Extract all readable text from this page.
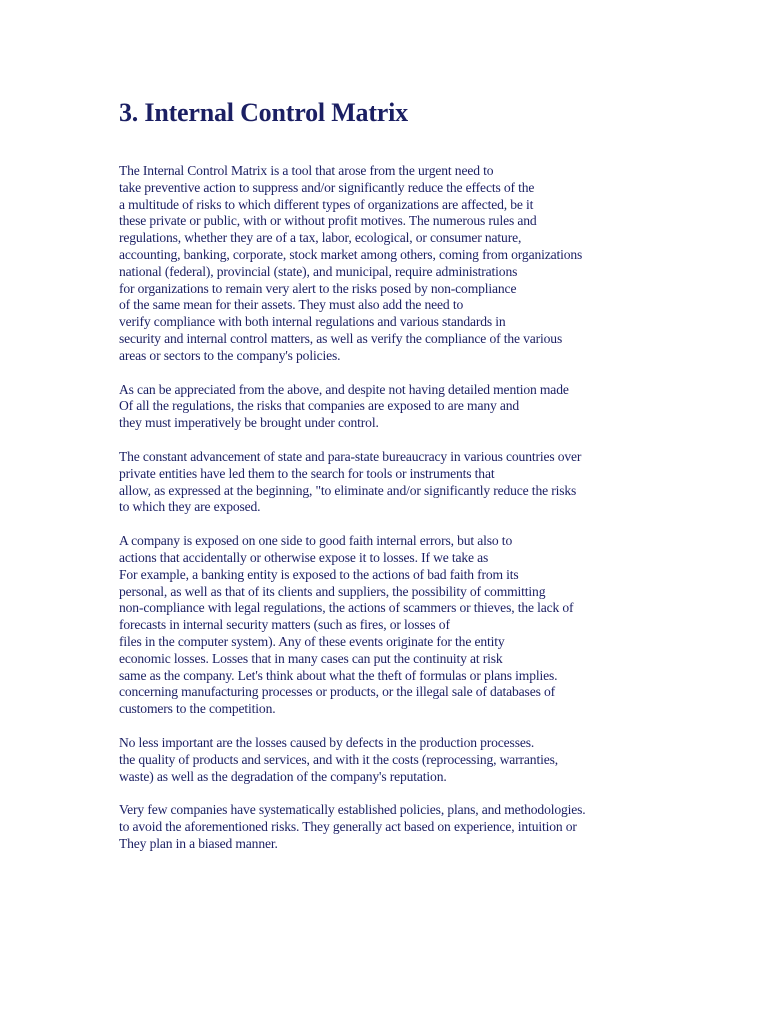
3. Internal Control Matrix

The Internal Control Matrix is a tool that arose from the urgent need to
take preventive action to suppress and/or significantly reduce the effects of the
a multitude of risks to which different types of organizations are affected, be it
these private or public, with or without profit motives. The numerous rules and
regulations, whether they are of a tax, labor, ecological, or consumer nature,
accounting, banking, corporate, stock market among others, coming from organizations
national (federal), provincial (state), and municipal, require administrations
for organizations to remain very alert to the risks posed by non-compliance
of the same mean for their assets. They must also add the need to
verify compliance with both internal regulations and various standards in
security and internal control matters, as well as verify the compliance of the various
areas or sectors to the company's policies.

As can be appreciated from the above, and despite not having detailed mention made
Of all the regulations, the risks that companies are exposed to are many and
they must imperatively be brought under control.

The constant advancement of state and para-state bureaucracy in various countries over
private entities have led them to the search for tools or instruments that
allow, as expressed at the beginning, "to eliminate and/or significantly reduce the risks
to which they are exposed.

A company is exposed on one side to good faith internal errors, but also to
actions that accidentally or otherwise expose it to losses. If we take as
For example, a banking entity is exposed to the actions of bad faith from its
personal, as well as that of its clients and suppliers, the possibility of committing
non-compliance with legal regulations, the actions of scammers or thieves, the lack of
forecasts in internal security matters (such as fires, or losses of
files in the computer system). Any of these events originate for the entity
economic losses. Losses that in many cases can put the continuity at risk
same as the company. Let's think about what the theft of formulas or plans implies.
concerning manufacturing processes or products, or the illegal sale of databases of
customers to the competition.

No less important are the losses caused by defects in the production processes.
the quality of products and services, and with it the costs (reprocessing, warranties,
waste) as well as the degradation of the company's reputation.

Very few companies have systematically established policies, plans, and methodologies.
to avoid the aforementioned risks. They generally act based on experience, intuition or
They plan in a biased manner.
